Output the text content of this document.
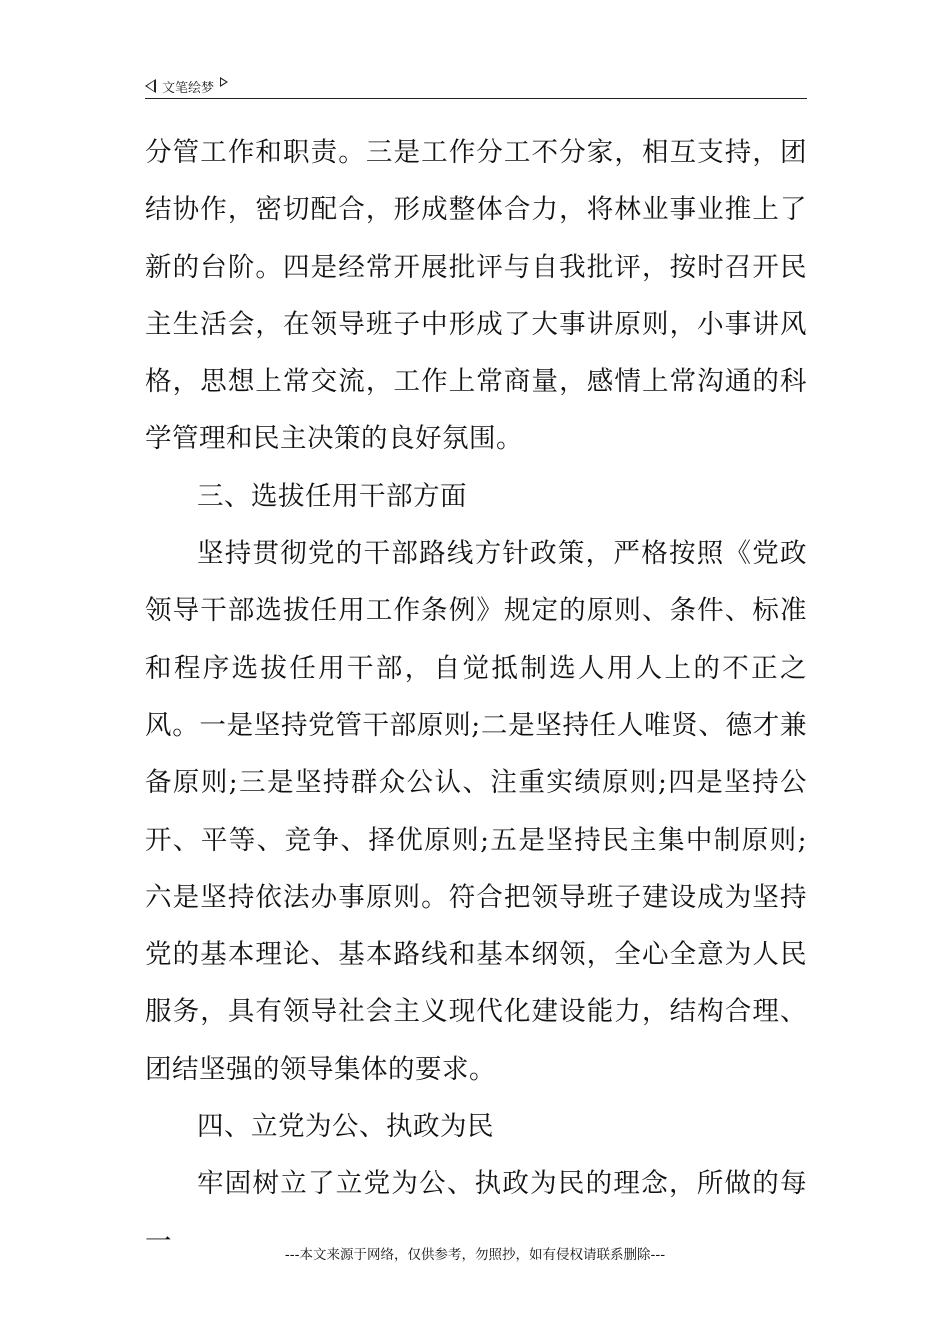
文笔绘梦

分管工作和职责。三是工作分工不分家，相互支持，团结协作，密切配合，形成整体合力，将林业事业推上了新的台阶。四是经常开展批评与自我批评，按时召开民主生活会，在领导班子中形成了大事讲原则，小事讲风格，思想上常交流，工作上常商量，感情上常沟通的科学管理和民主决策的良好氛围。

三、选拔任用干部方面

坚持贯彻党的干部路线方针政策，严格按照《党政领导干部选拔任用工作条例》规定的原则、条件、标准和程序选拔任用干部，自觉抵制选人用人上的不正之风。一是坚持党管干部原则;二是坚持任人唯贤、德才兼备原则;三是坚持群众公认、注重实绩原则;四是坚持公开、平等、竞争、择优原则;五是坚持民主集中制原则;六是坚持依法办事原则。符合把领导班子建设成为坚持党的基本理论、基本路线和基本纲领，全心全意为人民服务，具有领导社会主义现代化建设能力，结构合理、团结坚强的领导集体的要求。

四、立党为公、执政为民

牢固树立了立党为公、执政为民的理念，所做的每一	---本文来源于网络，仅供参考，勿照抄，如有侵权请联系删除---
